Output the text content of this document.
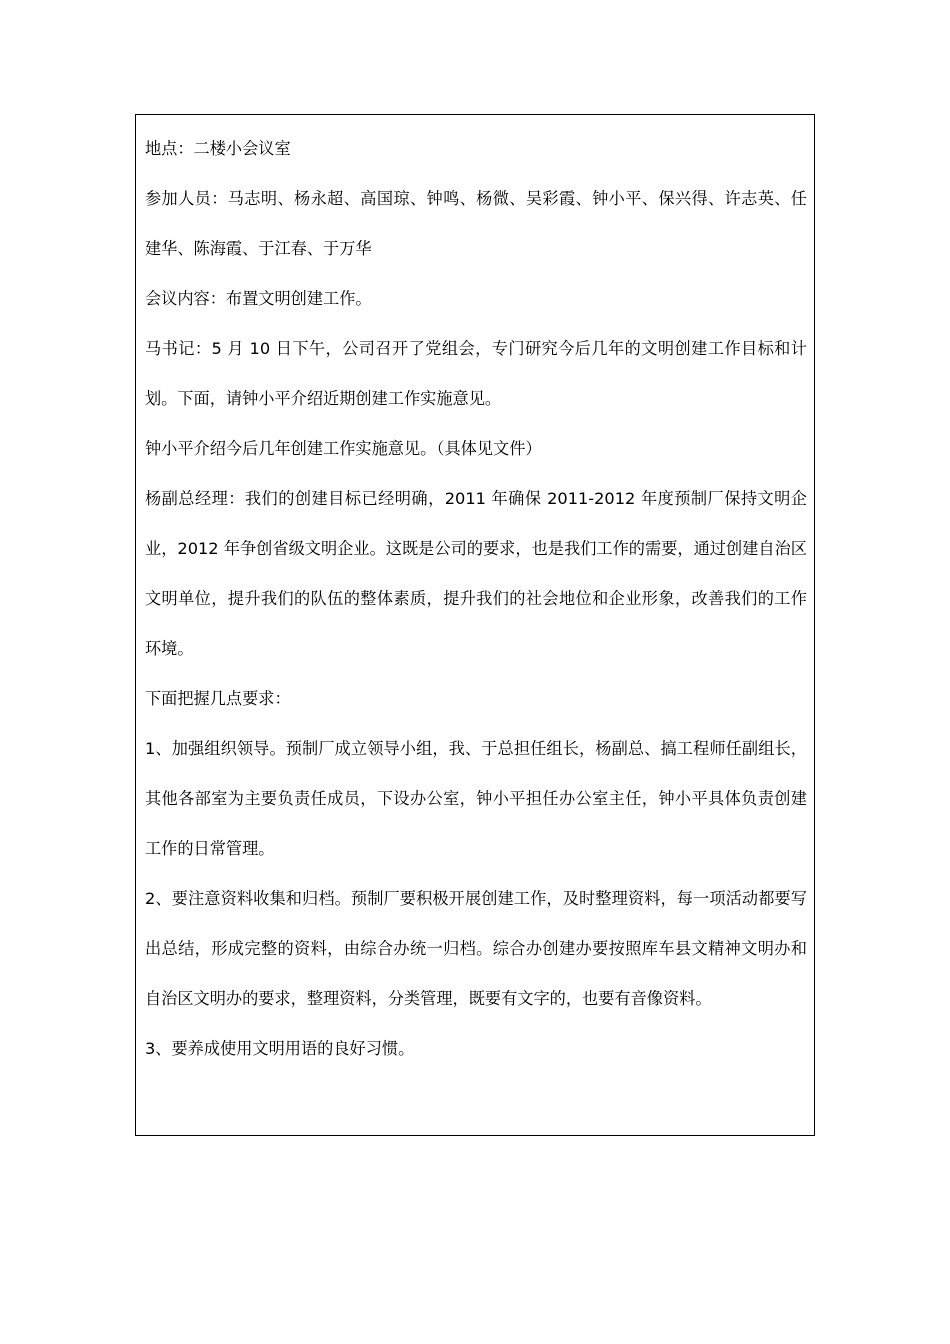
地点：二楼小会议室

参加人员：马志明、杨永超、高国琼、钟鸣、杨微、吴彩霞、钟小平、保兴得、许志英、任建华、陈海霞、于江春、于万华

会议内容：布置文明创建工作。

马书记：5 月 10 日下午，公司召开了党组会，专门研究今后几年的文明创建工作目标和计划。下面，请钟小平介绍近期创建工作实施意见。

钟小平介绍今后几年创建工作实施意见。（具体见文件）

杨副总经理：我们的创建目标已经明确，2011 年确保 2011-2012 年度预制厂保持文明企业，2012 年争创省级文明企业。这既是公司的要求，也是我们工作的需要，通过创建自治区文明单位，提升我们的队伍的整体素质，提升我们的社会地位和企业形象，改善我们的工作环境。

下面把握几点要求：

1、加强组织领导。预制厂成立领导小组，我、于总担任组长，杨副总、搞工程师任副组长，其他各部室为主要负责任成员，下设办公室，钟小平担任办公室主任，钟小平具体负责创建工作的日常管理。

2、要注意资料收集和归档。预制厂要积极开展创建工作，及时整理资料，每一项活动都要写出总结，形成完整的资料，由综合办统一归档。综合办创建办要按照库车县文精神文明办和自治区文明办的要求，整理资料，分类管理，既要有文字的，也要有音像资料。

3、要养成使用文明用语的良好习惯。
